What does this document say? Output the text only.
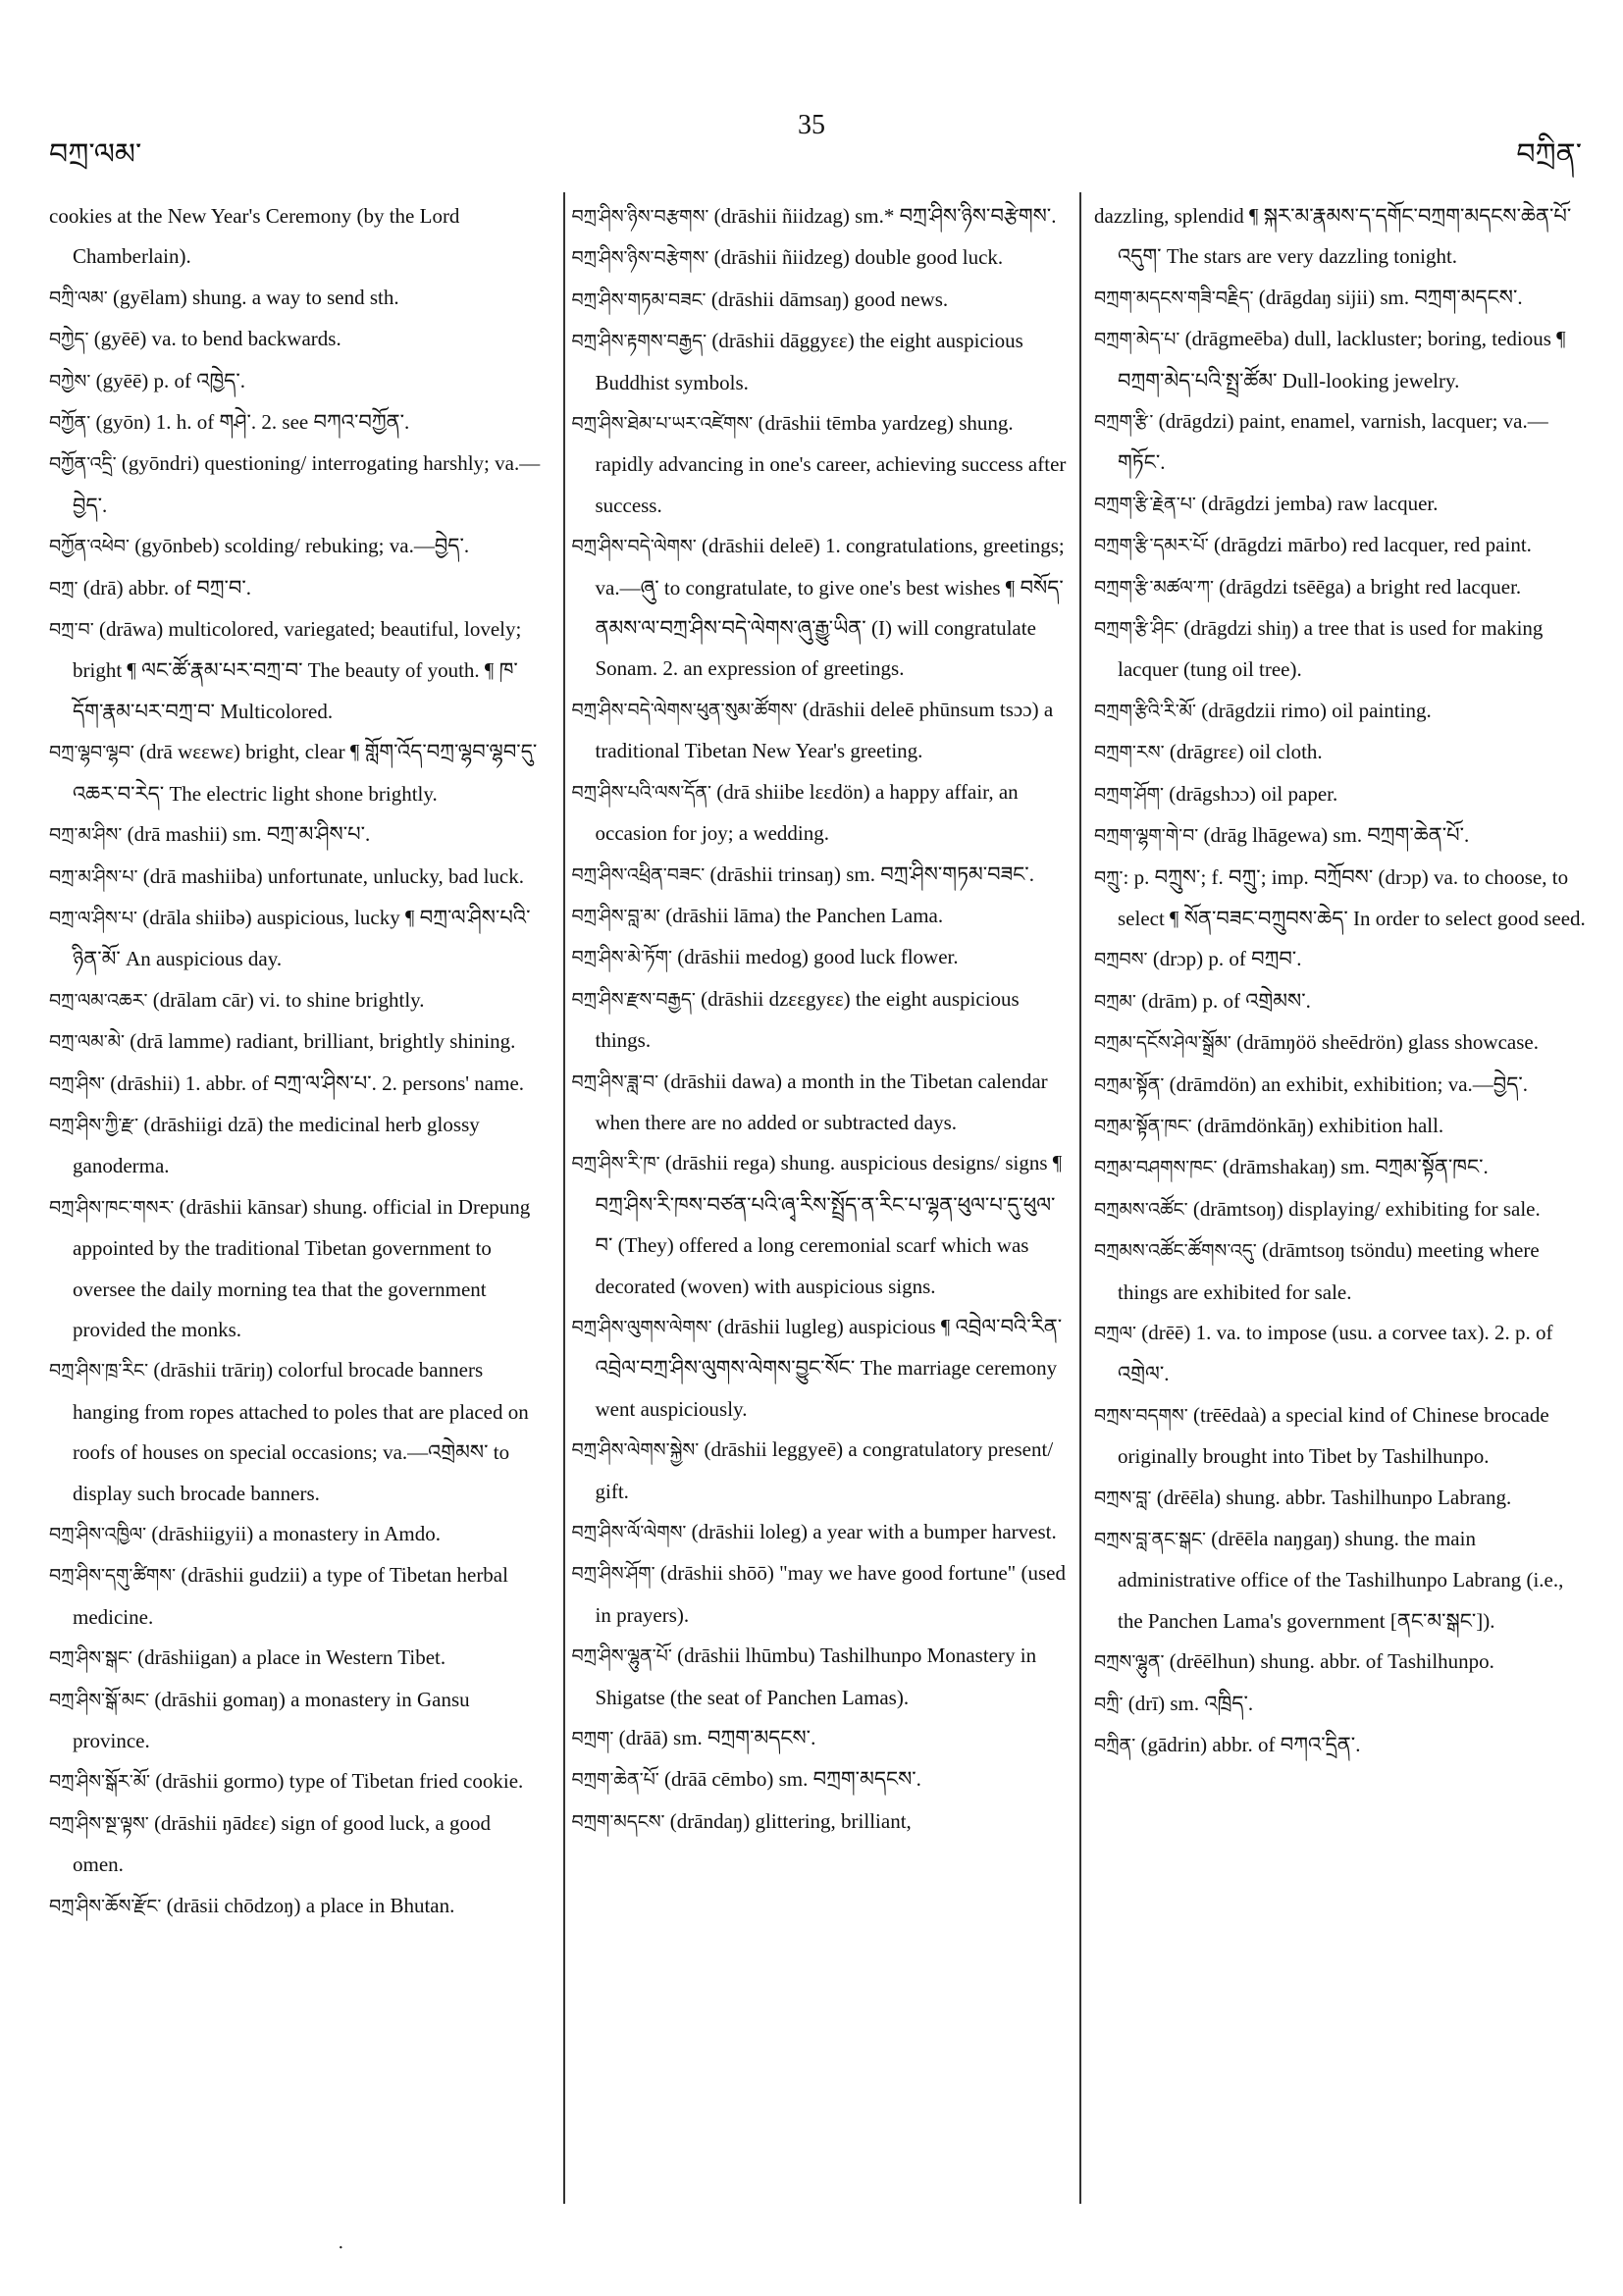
བཀྲ་ལམ་
35
བཀྲིན་

cookies at the New Year's Ceremony (by the Lord Chamberlain).

བཀྲི་ལམ་ (gyēlam) shung. a way to send sth.

བཀྱེད་ (gyēē) va. to bend backwards.

བཀྱེས་ (gyēē) p. of འཁྱེད་.

བཀྱོན་ (gyōn) 1. h. of གཤེ་. 2. see བཀའ་བཀྱོན་.

བཀྱོན་འདྲི་ (gyōndri) questioning/ interrogating harshly; va.—བྱེད་.

བཀྱོན་འཕེབ་ (gyōnbeb) scolding/ rebuking; va.—བྱེད་.

བཀྲ་ (drā) abbr. of བཀྲ་བ་.

བཀྲ་བ་ (drāwa) multicolored, variegated; beautiful, lovely; bright ¶ ལང་ཚོ་རྣམ་པར་བཀྲ་བ་ The beauty of youth. ¶ ཁ་དོག་རྣམ་པར་བཀྲ་བ་ Multicolored.

བཀྲ་ལྷབ་ལྷབ་ (drā wɛɛwɛ) bright, clear ¶ གློག་འོད་བཀྲ་ལྷབ་ལྷབ་དུ་འཆར་བ་རེད་ The electric light shone brightly.

བཀྲ་མ་ཤིས་ (drā mashii) sm. བཀྲ་མ་ཤིས་པ་.

བཀྲ་མ་ཤིས་པ་ (drā mashiiba) unfortunate, unlucky, bad luck.

བཀྲ་ལ་ཤིས་པ་ (drāla shiibə) auspicious, lucky ¶ བཀྲ་ལ་ཤིས་པའི་ཉིན་མོ་ An auspicious day.

བཀྲ་ལམ་འཆར་ (drālam cār) vi. to shine brightly.

བཀྲ་ལམ་མེ་ (drā lamme) radiant, brilliant, brightly shining.

བཀྲ་ཤིས་ (drāshii) 1. abbr. of བཀྲ་ལ་ཤིས་པ་. 2. persons' name.

བཀྲ་ཤིས་ཀྱི་རྫ་ (drāshiigi dzā) the medicinal herb glossy ganoderma.

བཀྲ་ཤིས་ཁང་གསར་ (drāshii kānsar) shung. official in Drepung appointed by the traditional Tibetan government to oversee the daily morning tea that the government provided the monks.

བཀྲ་ཤིས་ཁྲ་རིང་ (drāshii trāriŋ) colorful brocade banners hanging from ropes attached to poles that are placed on roofs of houses on special occasions; va.—འགྲེམས་ to display such brocade banners.

བཀྲ་ཤིས་འཁྱིལ་ (drāshiigyii) a monastery in Amdo.

བཀྲ་ཤིས་དགུ་ཚིགས་ (drāshii gudzii) a type of Tibetan herbal medicine.

བཀྲ་ཤིས་སྒང་ (drāshiigan) a place in Western Tibet.

བཀྲ་ཤིས་སྒོ་མང་ (drāshii gomaŋ) a monastery in Gansu province.

བཀྲ་ཤིས་སྒོར་མོ་ (drāshii gormo) type of Tibetan fried cookie.

བཀྲ་ཤིས་སྔ་ལྟས་ (drāshii ŋādɛɛ) sign of good luck, a good omen.

བཀྲ་ཤིས་ཆོས་རྫོང་ (drāsii chōdzoŋ) a place in Bhutan.

བཀྲ་ཤིས་ཉིས་བརྩགས་ (drāshii ñiidzag) sm.* བཀྲ་ཤིས་ཉིས་བརྩེགས་.

བཀྲ་ཤིས་ཉིས་བརྩེགས་ (drāshii ñiidzeg) double good luck.

བཀྲ་ཤིས་གཏམ་བཟང་ (drāshii dāmsaŋ) good news.

བཀྲ་ཤིས་རྟགས་བརྒྱད་ (drāshii dāggyɛɛ) the eight auspicious Buddhist symbols.

བཀྲ་ཤིས་ཐེམ་པ་ཡར་འཛེགས་ (drāshii tēmba yardzeg) shung. rapidly advancing in one's career, achieving success after success.

བཀྲ་ཤིས་བདེ་ལེགས་ (drāshii deleē) 1. congratulations, greetings; va.—ཞུ་ to congratulate, to give one's best wishes ¶ བསོད་ནམས་ལ་བཀྲ་ཤིས་བདེ་ལེགས་ཞུ་རྒྱུ་ཡིན་ (I) will congratulate Sonam. 2. an expression of greetings.

བཀྲ་ཤིས་བདེ་ལེགས་ཕུན་སུམ་ཚོགས་ (drāshii deleē phūnsum tsɔɔ) a traditional Tibetan New Year's greeting.

བཀྲ་ཤིས་པའི་ལས་དོན་ (drā shiibe lɛɛdön) a happy affair, an occasion for joy; a wedding.

བཀྲ་ཤིས་འཕྲིན་བཟང་ (drāshii trinsaŋ) sm. བཀྲ་ཤིས་གཏམ་བཟང་.

བཀྲ་ཤིས་བླ་མ་ (drāshii lāma) the Panchen Lama.

བཀྲ་ཤིས་མེ་ཏོག་ (drāshii medog) good luck flower.

བཀྲ་ཤིས་རྫས་བརྒྱད་ (drāshii dzɛɛgyɛɛ) the eight auspicious things.

བཀྲ་ཤིས་ཟླ་བ་ (drāshii dawa) a month in the Tibetan calendar when there are no added or subtracted days.

བཀྲ་ཤིས་རི་ཁ་ (drāshii rega) shung. auspicious designs/ signs ¶ བཀྲ་ཤིས་རི་ཁས་བཙན་པའི་ཞྭ་རིས་སྤྲོད་ན་རིང་པ་ལྷན་ཕུལ་པ་དུ་ཕུལ་བ་ (They) offered a long ceremonial scarf which was decorated (woven) with auspicious signs.

བཀྲ་ཤིས་ལུགས་ལེགས་ (drāshii lugleg) auspicious ¶ འབྲེལ་བའི་རིན་འབྲེལ་བཀྲ་ཤིས་ལུགས་ལེགས་བྱུང་སོང་ The marriage ceremony went auspiciously.

བཀྲ་ཤིས་ལེགས་སྐྱེས་ (drāshii leggyeē) a congratulatory present/ gift.

བཀྲ་ཤིས་ལོ་ལེགས་ (drāshii loleg) a year with a bumper harvest.

བཀྲ་ཤིས་ཤོག་ (drāshii shōō) "may we have good fortune" (used in prayers).

བཀྲ་ཤིས་ལྷུན་པོ་ (drāshii lhūmbu) Tashilhunpo Monastery in Shigatse (the seat of Panchen Lamas).

བཀྲག་ (drāā) sm. བཀྲག་མདངས་.

བཀྲག་ཆེན་པོ་ (drāā cēmbo) sm. བཀྲག་མདངས་.

བཀྲག་མདངས་ (drāndaŋ) glittering, brilliant,

dazzling, splendid ¶ སྐར་མ་རྣམས་ད་དགོང་བཀྲག་མདངས་ཆེན་པོ་འདུག་ The stars are very dazzling tonight.

བཀྲག་མདངས་གཟི་བརྗིད་ (drāgdaŋ sijii) sm. བཀྲག་མདངས་.

བཀྲག་མེད་པ་ (drāgmeēba) dull, lackluster; boring, tedious ¶ བཀྲག་མེད་པའི་སྤྲ་ཚོམ་ Dull-looking jewelry.

བཀྲག་རྩི་ (drāgdzi) paint, enamel, varnish, lacquer; va.—གཏོང་.

བཀྲག་རྩི་རྗེན་པ་ (drāgdzi jemba) raw lacquer.

བཀྲག་རྩི་དམར་པོ་ (drāgdzi mārbo) red lacquer, red paint.

བཀྲག་རྩི་མཚལ་ཀ་ (drāgdzi tsēēga) a bright red lacquer.

བཀྲག་རྩི་ཤིང་ (drāgdzi shiŋ) a tree that is used for making lacquer (tung oil tree).

བཀྲག་རྩིའི་རི་མོ་ (drāgdzii rimo) oil painting.

བཀྲག་རས་ (drāgrɛɛ) oil cloth.

བཀྲག་ཤོག་ (drāgshɔɔ) oil paper.

བཀྲག་ལྷག་གེ་བ་ (drāg lhāgewa) sm. བཀྲག་ཆེན་པོ་.

བཀྲུ་: p. བཀྲུས་; f. བཀྲུ་; imp. བཀྲོབས་ (drɔp) va. to choose, to select ¶ སོན་བཟང་བཀྲུབས་ཆེད་ In order to select good seed.

བཀྲབས་ (drɔp) p. of བཀྲབ་.

བཀྲམ་ (drām) p. of འགྲེམས་.

བཀྲམ་དངོས་ཤེལ་སྒྲོམ་ (drāmŋöö sheēdrön) glass showcase.

བཀྲམ་སྟོན་ (drāmdön) an exhibit, exhibition; va.—བྱེད་.

བཀྲམ་སྟོན་ཁང་ (drāmdönkāŋ) exhibition hall.

བཀྲམ་བཤགས་ཁང་ (drāmshakaŋ) sm. བཀྲམ་སྟོན་ཁང་.

བཀྲམས་འཚོང་ (drāmtsoŋ) displaying/ exhibiting for sale.

བཀྲམས་འཚོང་ཚོགས་འདུ་ (drāmtsoŋ tsöndu) meeting where things are exhibited for sale.

བཀྲལ་ (drēē) 1. va. to impose (usu. a corvee tax). 2. p. of འགྲེལ་.

བཀྲས་བདགས་ (trēēdaà) a special kind of Chinese brocade originally brought into Tibet by Tashilhunpo.

བཀྲས་བླ་ (drēēla) shung. abbr. Tashilhunpo Labrang.

བཀྲས་བླ་ནང་སྒང་ (drēēla naŋgaŋ) shung. the main administrative office of the Tashilhunpo Labrang (i.e., the Panchen Lama's government [ནང་མ་སྒང་]).

བཀྲས་ལྷུན་ (drēēlhun) shung. abbr. of Tashilhunpo.

བཀྲི་ (drī) sm. འཁྲིད་.

བཀྲིན་ (gādrin) abbr. of བཀའ་དྲིན་.

·
